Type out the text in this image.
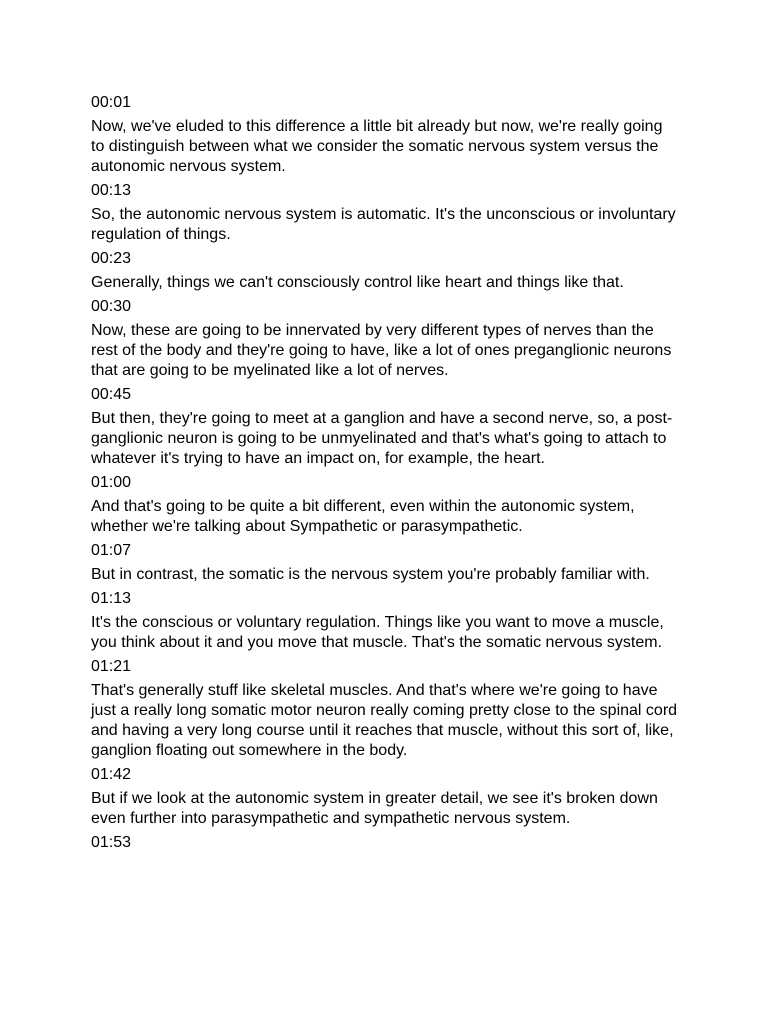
00:01

Now, we've eluded to this difference a little bit already but now, we're really going to distinguish between what we consider the somatic nervous system versus the autonomic nervous system.

00:13

So, the autonomic nervous system is automatic. It's the unconscious or involuntary regulation of things.

00:23

Generally, things we can't consciously control like heart and things like that.

00:30

Now, these are going to be innervated by very different types of nerves than the rest of the body and they're going to have, like a lot of ones preganglionic neurons that are going to be myelinated like a lot of nerves.

00:45

But then, they're going to meet at a ganglion and have a second nerve, so, a post-ganglionic neuron is going to be unmyelinated and that's what's going to attach to whatever it's trying to have an impact on, for example, the heart.

01:00

And that's going to be quite a bit different, even within the autonomic system, whether we're talking about Sympathetic or parasympathetic.

01:07

But in contrast, the somatic is the nervous system you're probably familiar with.

01:13

It's the conscious or voluntary regulation. Things like you want to move a muscle, you think about it and you move that muscle. That's the somatic nervous system.

01:21

That's generally stuff like skeletal muscles. And that's where we're going to have just a really long somatic motor neuron really coming pretty close to the spinal cord and having a very long course until it reaches that muscle, without this sort of, like, ganglion floating out somewhere in the body.

01:42

But if we look at the autonomic system in greater detail, we see it's broken down even further into parasympathetic and sympathetic nervous system.

01:53
